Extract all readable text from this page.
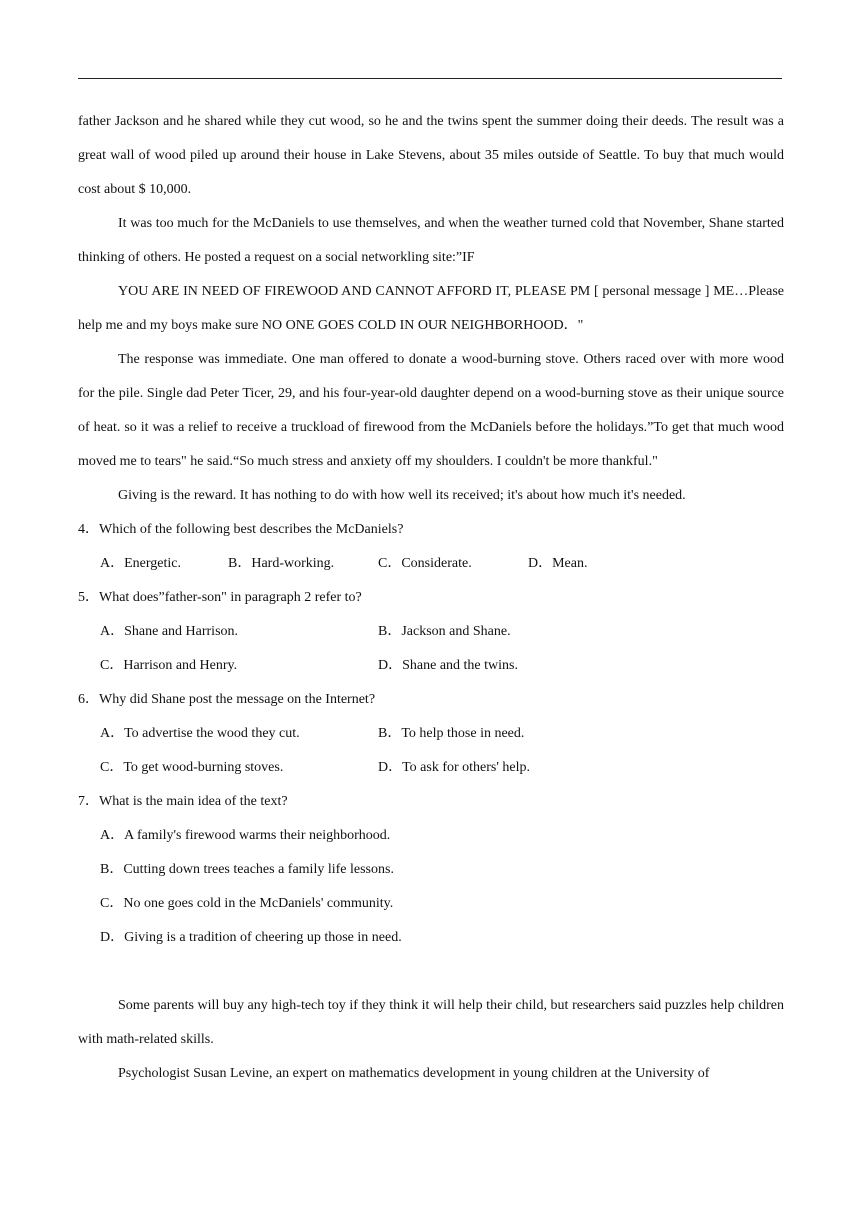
father Jackson and he shared while they cut wood, so he and the twins spent the summer doing their deeds. The result was a great wall of wood piled up around their house in Lake Stevens, about 35 miles outside of Seattle. To buy that much would cost about $ 10,000.

It was too much for the McDaniels to use themselves, and when the weather turned cold that November, Shane started thinking of others. He posted a request on a social networkling site:”IF

YOU ARE IN NEED OF FIREWOOD AND CANNOT AFFORD IT, PLEASE PM [ personal message ] ME…Please help me and my boys make sure NO ONE GOES COLD IN OUR NEIGHBORHOOD．"

The response was immediate. One man offered to donate a wood-burning stove. Others raced over with more wood for the pile. Single dad Peter Ticer, 29, and his four-year-old daughter depend on a wood-burning stove as their unique source of heat. so it was a relief to receive a truckload of firewood from the McDaniels before the holidays.”To get that much wood moved me to tears" he said.“So much stress and anxiety off my shoulders. I couldn't be more thankful."

Giving is the reward. It has nothing to do with how well its received; it's about how much it's needed.

4．Which of the following best describes the McDaniels?

A．Energetic.	B．Hard-working.	C．Considerate.	D．Mean.

5．What does”father-son" in paragraph 2 refer to?

A．Shane and Harrison.	B．Jackson and Shane.
C．Harrison and Henry.	D．Shane and the twins.

6．Why did Shane post the message on the Internet?

A．To advertise the wood they cut.	B．To help those in need.
C．To get wood-burning stoves.	D．To ask for others' help.

7．What is the main idea of the text?

A．A family's firewood warms their neighborhood.
B．Cutting down trees teaches a family life lessons.
C．No one goes cold in the McDaniels' community.
D．Giving is a tradition of cheering up those in need.

Some parents will buy any high-tech toy if they think it will help their child, but researchers said puzzles help children with math-related skills.

Psychologist Susan Levine, an expert on mathematics development in young children at the University of
